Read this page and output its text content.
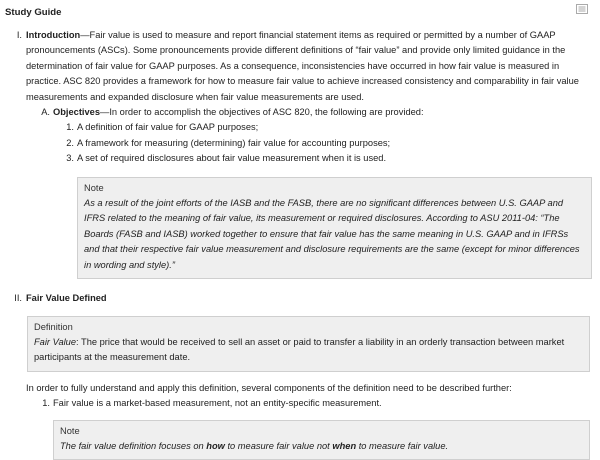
Study Guide
I. Introduction—Fair value is used to measure and report financial statement items as required or permitted by a number of GAAP pronouncements (ASCs). Some pronouncements provide different definitions of “fair value” and provide only limited guidance in the determination of fair value for GAAP purposes. As a consequence, inconsistencies have occurred in how fair value is measured in practice. ASC 820 provides a framework for how to measure fair value to achieve increased consistency and comparability in fair value measurements and expanded disclosure when fair value measurements are used.
A. Objectives—In order to accomplish the objectives of ASC 820, the following are provided:
1. A definition of fair value for GAAP purposes;
2. A framework for measuring (determining) fair value for accounting purposes;
3. A set of required disclosures about fair value measurement when it is used.
Note
As a result of the joint efforts of the IASB and the FASB, there are no significant differences between U.S. GAAP and IFRS related to the meaning of fair value, its measurement or required disclosures. According to ASU 2011-04: “The Boards (FASB and IASB) worked together to ensure that fair value has the same meaning in U.S. GAAP and in IFRSs and that their respective fair value measurement and disclosure requirements are the same (except for minor differences in wording and style).”
II. Fair Value Defined
Definition
Fair Value: The price that would be received to sell an asset or paid to transfer a liability in an orderly transaction between market participants at the measurement date.
In order to fully understand and apply this definition, several components of the definition need to be described further:
1. Fair value is a market-based measurement, not an entity-specific measurement.
Note
The fair value definition focuses on how to measure fair value not when to measure fair value.
